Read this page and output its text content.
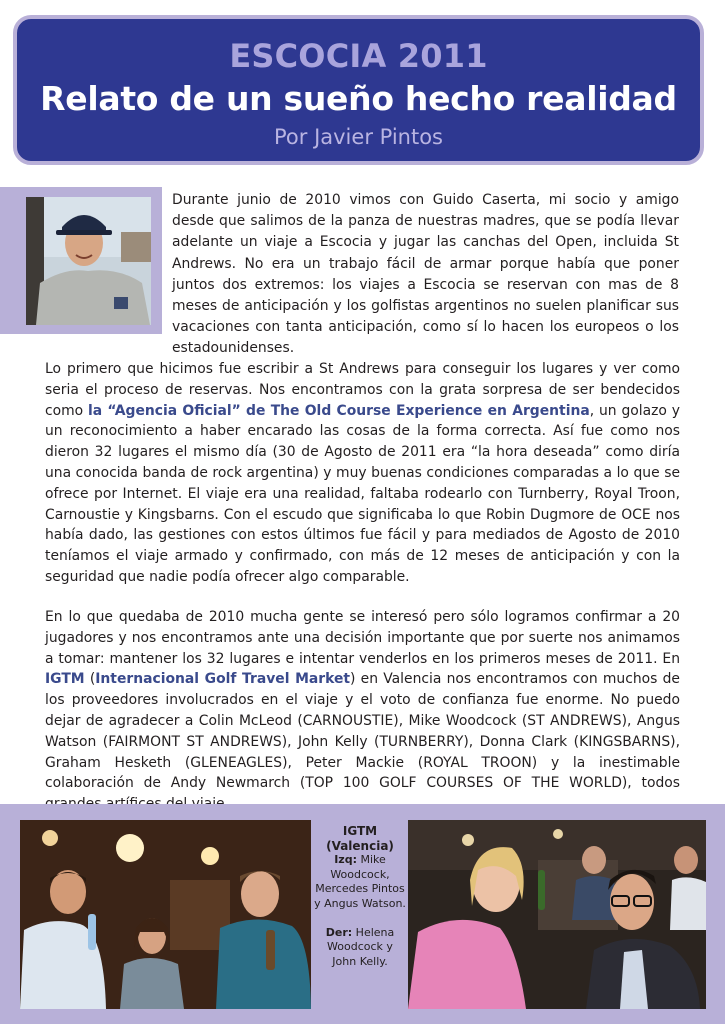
ESCOCIA 2011
Relato de un sueño hecho realidad
Por Javier Pintos
Durante junio de 2010 vimos con Guido Caserta, mi socio y amigo desde que salimos de la panza de nuestras madres, que se podía llevar adelante un viaje a Escocia y jugar las canchas del Open, incluida St Andrews. No era un trabajo fácil de armar porque había que poner juntos dos extremos: los viajes a Escocia se reservan con mas de 8 meses de anticipación y los golfistas argentinos no suelen planificar sus vacaciones con tanta anticipación, como sí lo hacen los europeos o los estadounidenses.
Lo primero que hicimos fue escribir a St Andrews para conseguir los lugares y ver como seria el proceso de reservas. Nos encontramos con la grata sorpresa de ser bendecidos como la “Agencia Oficial” de The Old Course Experience en Argentina, un golazo y un reconocimiento a haber encarado las cosas de la forma correcta. Así fue como nos dieron 32 lugares el mismo día (30 de Agosto de 2011 era “la hora deseada” como diría una conocida banda de rock argentina) y muy buenas condiciones comparadas a lo que se ofrece por Internet. El viaje era una realidad, faltaba rodearlo con Turnberry, Royal Troon, Carnoustie y Kingsbarns. Con el escudo que significaba lo que Robin Dugmore de OCE nos había dado, las gestiones con estos últimos fue fácil y para mediados de Agosto de 2010 teníamos el viaje armado y confirmado, con más de 12 meses de anticipación y con la seguridad que nadie podía ofrecer algo comparable.
En lo que quedaba de 2010 mucha gente se interesó pero sólo logramos confirmar a 20 jugadores y nos encontramos ante una decisión importante que por suerte nos animamos a tomar: mantener los 32 lugares e intentar venderlos en los primeros meses de 2011. En IGTM (Internacional Golf Travel Market) en Valencia nos encontramos con muchos de los proveedores involucrados en el viaje y el voto de confianza fue enorme. No puedo dejar de agradecer a Colin McLeod (CARNOUSTIE), Mike Woodcock (ST ANDREWS), Angus Watson (FAIRMONT ST ANDREWS), John Kelly (TURNBERRY), Donna Clark (KINGSBARNS), Graham Hesketh (GLENEAGLES), Peter Mackie (ROYAL TROON) y la inestimable colaboración de Andy Newmarch (TOP 100 GOLF COURSES OF THE WORLD), todos
IGTM (Valencia)
Izq: Mike Woodcock, Mercedes Pintos y Angus Watson.
Der: Helena Woodcock y John Kelly.
